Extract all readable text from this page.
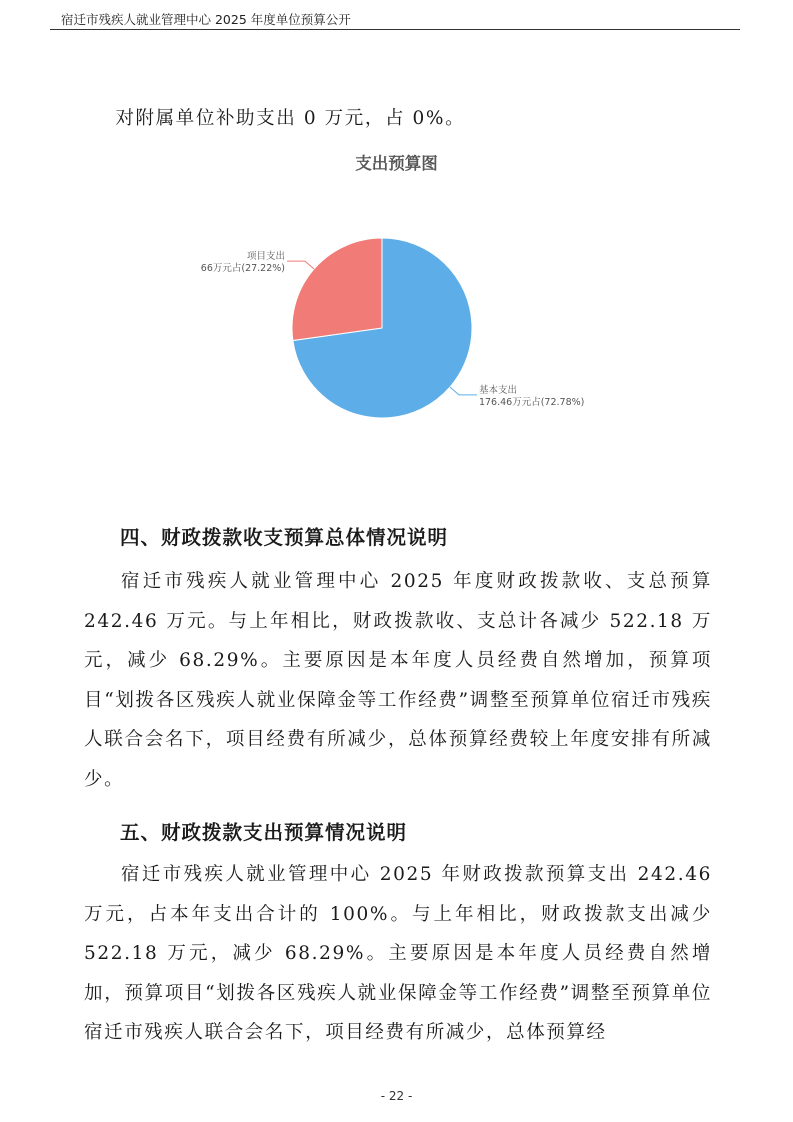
宿迁市残疾人就业管理中心 2025 年度单位预算公开

对附属单位补助支出 0 万元，占 0%。

支出预算图
基本支出
176.46万元占(72.78%)
项目支出
66万元占(27.22%)
四、财政拨款收支预算总体情况说明

宿迁市残疾人就业管理中心 2025 年度财政拨款收、支总预算 242.46 万元。与上年相比，财政拨款收、支总计各减少 522.18 万元，减少 68.29%。主要原因是本年度人员经费自然增加，预算项目“划拨各区残疾人就业保障金等工作经费”调整至预算单位宿迁市残疾人联合会名下，项目经费有所减少，总体预算经费较上年度安排有所减少。

五、财政拨款支出预算情况说明

宿迁市残疾人就业管理中心 2025 年财政拨款预算支出 242.46 万元，占本年支出合计的 100%。与上年相比，财政拨款支出减少 522.18 万元，减少 68.29%。主要原因是本年度人员经费自然增加，预算项目“划拨各区残疾人就业保障金等工作经费”调整至预算单位宿迁市残疾人联合会名下，项目经费有所减少，总体预算经

- 22 -
